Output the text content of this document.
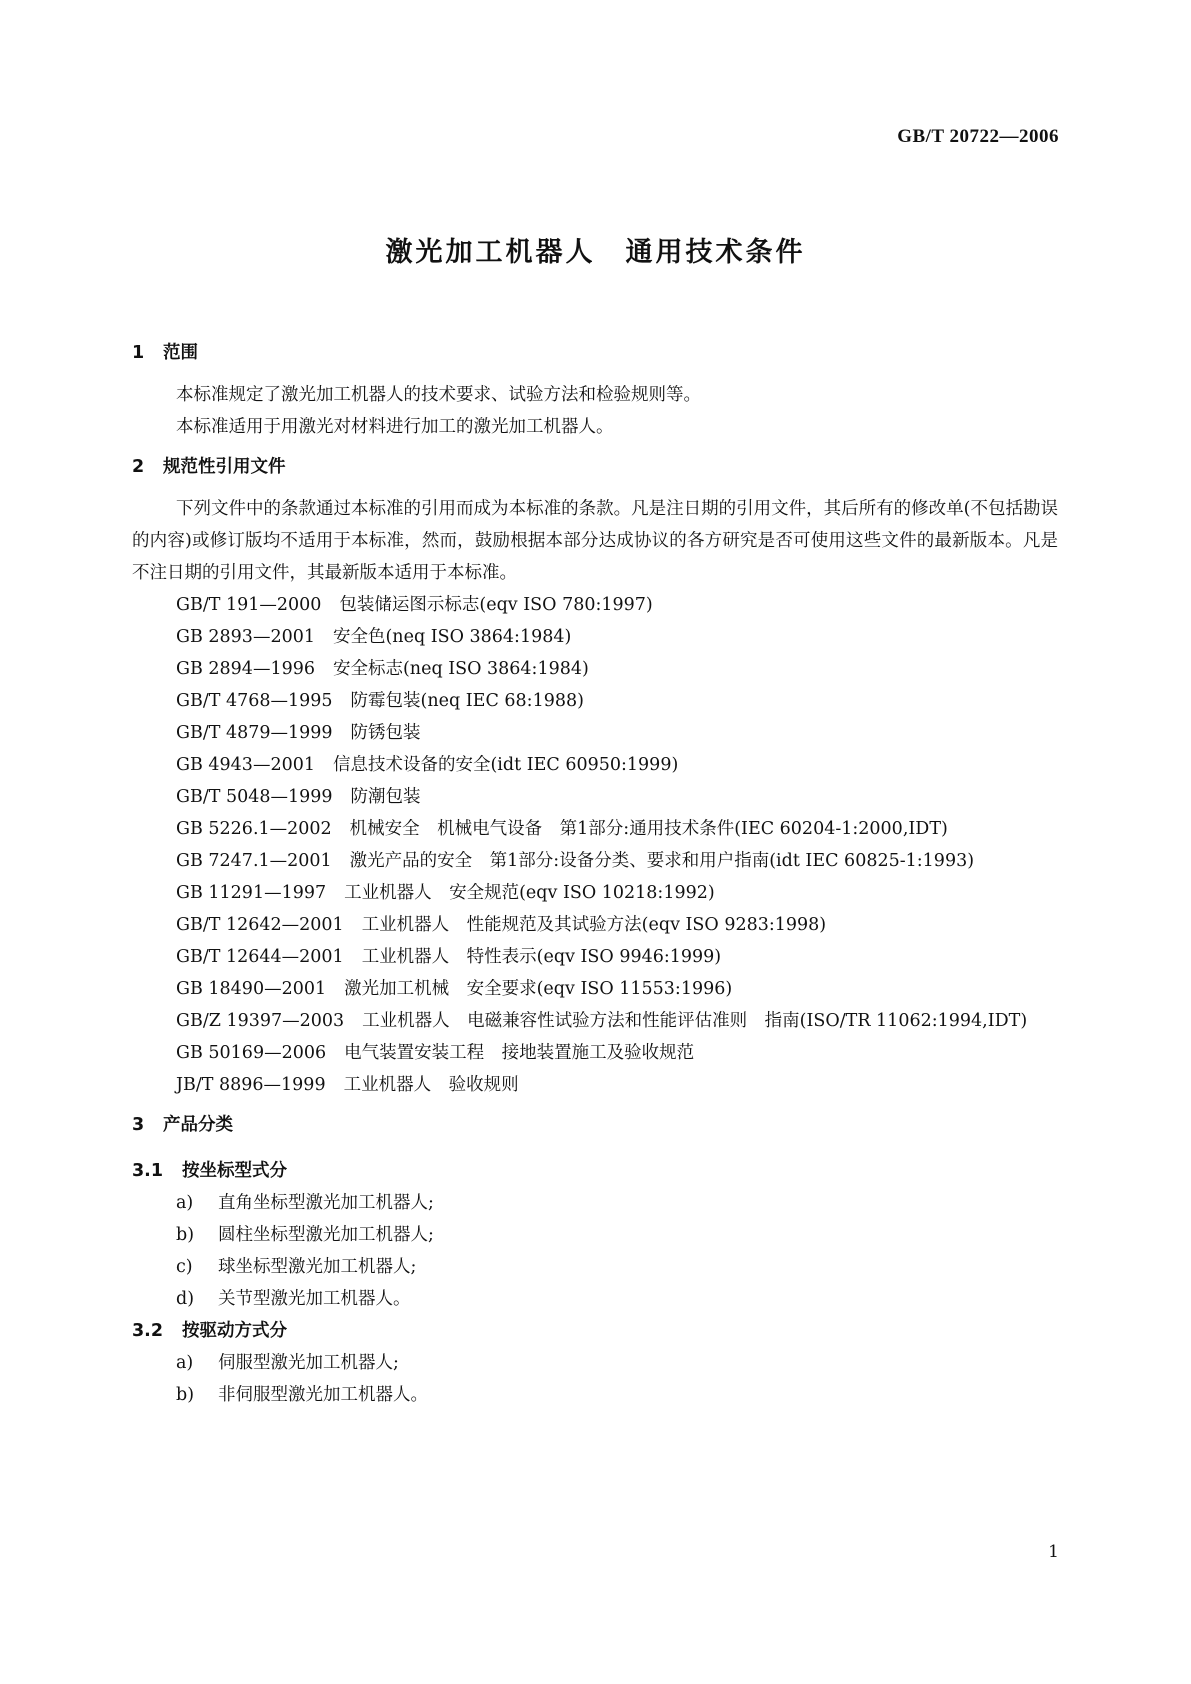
GB/T 20722—2006
激光加工机器人　通用技术条件
1 范围
本标准规定了激光加工机器人的技术要求、试验方法和检验规则等。
本标准适用于用激光对材料进行加工的激光加工机器人。
2 规范性引用文件
下列文件中的条款通过本标准的引用而成为本标准的条款。凡是注日期的引用文件，其后所有的修改单(不包括勘误的内容)或修订版均不适用于本标准，然而，鼓励根据本部分达成协议的各方研究是否可使用这些文件的最新版本。凡是不注日期的引用文件，其最新版本适用于本标准。
GB/T 191—2000 包装储运图示标志(eqv ISO 780:1997)
GB 2893—2001 安全色(neq ISO 3864:1984)
GB 2894—1996 安全标志(neq ISO 3864:1984)
GB/T 4768—1995 防霉包装(neq IEC 68:1988)
GB/T 4879—1999 防锈包装
GB 4943—2001 信息技术设备的安全(idt IEC 60950:1999)
GB/T 5048—1999 防潮包装
GB 5226.1—2002 机械安全　机械电气设备　第1部分:通用技术条件(IEC 60204-1:2000,IDT)
GB 7247.1—2001 激光产品的安全　第1部分:设备分类、要求和用户指南(idt IEC 60825-1:1993)
GB 11291—1997 工业机器人　安全规范(eqv ISO 10218:1992)
GB/T 12642—2001 工业机器人　性能规范及其试验方法(eqv ISO 9283:1998)
GB/T 12644—2001 工业机器人　特性表示(eqv ISO 9946:1999)
GB 18490—2001 激光加工机械　安全要求(eqv ISO 11553:1996)
GB/Z 19397—2003 工业机器人　电磁兼容性试验方法和性能评估准则　指南(ISO/TR 11062:1994,IDT)
GB 50169—2006 电气装置安装工程　接地装置施工及验收规范
JB/T 8896—1999 工业机器人　验收规则
3 产品分类
3.1 按坐标型式分
a) 直角坐标型激光加工机器人;
b) 圆柱坐标型激光加工机器人;
c) 球坐标型激光加工机器人;
d) 关节型激光加工机器人。
3.2 按驱动方式分
a) 伺服型激光加工机器人;
b) 非伺服型激光加工机器人。
1
